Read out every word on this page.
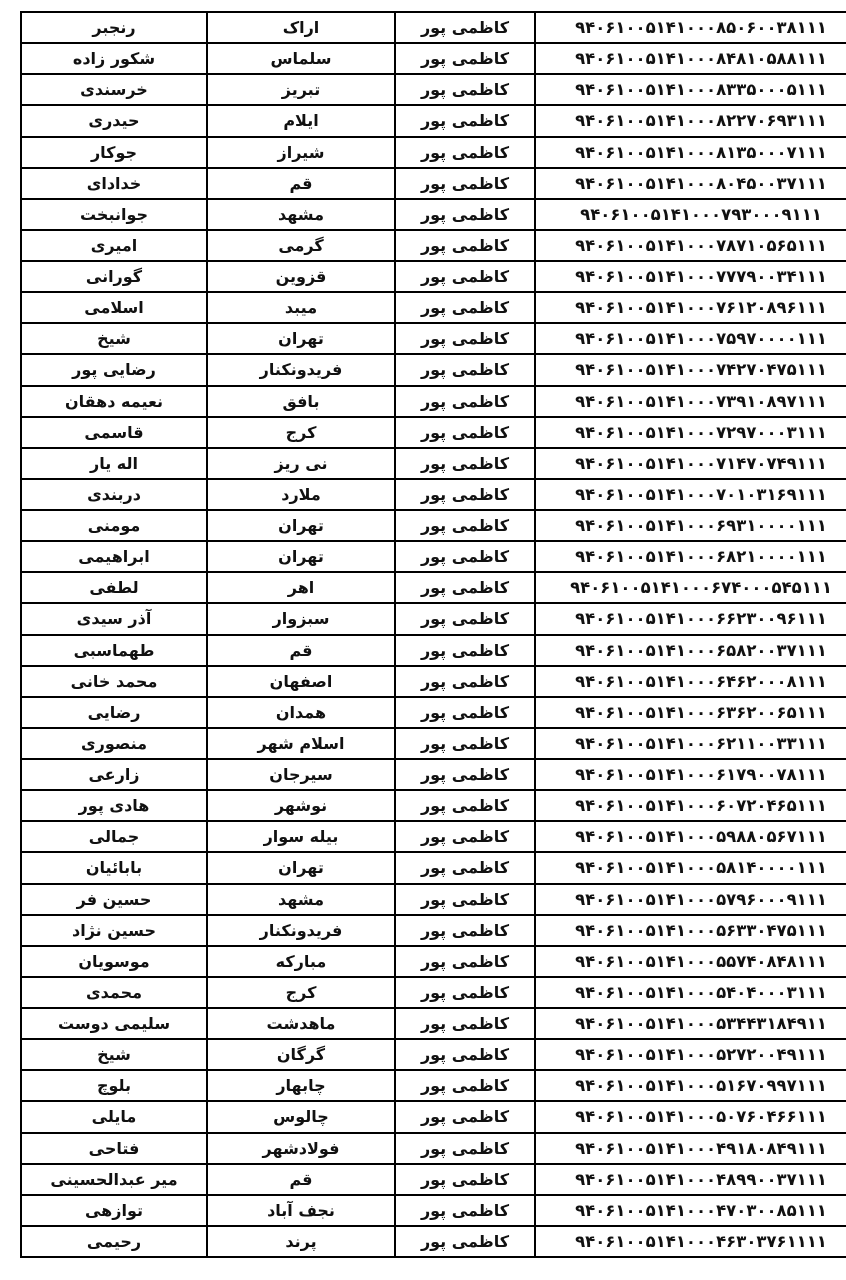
رنجبر	اراک	کاظمی پور	۹۴۰۶۱۰۰۵۱۴۱۰۰۰۸۵۰۶۰۰۳۸۱۱۱
شکور زاده	سلماس	کاظمی پور	۹۴۰۶۱۰۰۵۱۴۱۰۰۰۸۴۸۱۰۵۸۸۱۱۱
خرسندی	تبریز	کاظمی پور	۹۴۰۶۱۰۰۵۱۴۱۰۰۰۸۳۳۵۰۰۰۵۱۱۱
حیدری	ایلام	کاظمی پور	۹۴۰۶۱۰۰۵۱۴۱۰۰۰۸۲۲۷۰۶۹۳۱۱۱
جوکار	شیراز	کاظمی پور	۹۴۰۶۱۰۰۵۱۴۱۰۰۰۸۱۳۵۰۰۰۷۱۱۱
خدادای	قم	کاظمی پور	۹۴۰۶۱۰۰۵۱۴۱۰۰۰۸۰۴۵۰۰۳۷۱۱۱
جوانبخت	مشهد	کاظمی پور	۹۴۰۶۱۰۰۵۱۴۱۰۰۰۷۹۳۰۰۰۹۱۱۱
امیری	گرمی	کاظمی پور	۹۴۰۶۱۰۰۵۱۴۱۰۰۰۷۸۷۱۰۵۶۵۱۱۱
گورانی	قزوین	کاظمی پور	۹۴۰۶۱۰۰۵۱۴۱۰۰۰۷۷۷۹۰۰۳۴۱۱۱
اسلامی	میبد	کاظمی پور	۹۴۰۶۱۰۰۵۱۴۱۰۰۰۷۶۱۲۰۸۹۶۱۱۱
شیخ	تهران	کاظمی پور	۹۴۰۶۱۰۰۵۱۴۱۰۰۰۷۵۹۷۰۰۰۰۱۱۱
رضایی پور	فریدونکنار	کاظمی پور	۹۴۰۶۱۰۰۵۱۴۱۰۰۰۷۴۲۷۰۴۷۵۱۱۱
نعیمه دهقان	بافق	کاظمی پور	۹۴۰۶۱۰۰۵۱۴۱۰۰۰۷۳۹۱۰۸۹۷۱۱۱
قاسمی	کرج	کاظمی پور	۹۴۰۶۱۰۰۵۱۴۱۰۰۰۷۲۹۷۰۰۰۳۱۱۱
اله یار	نی ریز	کاظمی پور	۹۴۰۶۱۰۰۵۱۴۱۰۰۰۷۱۴۷۰۷۴۹۱۱۱
دربندی	ملارد	کاظمی پور	۹۴۰۶۱۰۰۵۱۴۱۰۰۰۷۰۱۰۳۱۶۹۱۱۱
مومنی	تهران	کاظمی پور	۹۴۰۶۱۰۰۵۱۴۱۰۰۰۶۹۳۱۰۰۰۰۱۱۱
ابراهیمی	تهران	کاظمی پور	۹۴۰۶۱۰۰۵۱۴۱۰۰۰۶۸۲۱۰۰۰۰۱۱۱
لطفی	اهر	کاظمی پور	۹۴۰۶۱۰۰۵۱۴۱۰۰۰۶۷۴۰۰۰۵۴۵۱۱۱
آذر سیدی	سبزوار	کاظمی پور	۹۴۰۶۱۰۰۵۱۴۱۰۰۰۶۶۲۳۰۰۹۶۱۱۱
طهماسبی	قم	کاظمی پور	۹۴۰۶۱۰۰۵۱۴۱۰۰۰۶۵۸۲۰۰۳۷۱۱۱
محمد خانی	اصفهان	کاظمی پور	۹۴۰۶۱۰۰۵۱۴۱۰۰۰۶۴۶۲۰۰۰۸۱۱۱
رضایی	همدان	کاظمی پور	۹۴۰۶۱۰۰۵۱۴۱۰۰۰۶۳۶۲۰۰۶۵۱۱۱
منصوری	اسلام شهر	کاظمی پور	۹۴۰۶۱۰۰۵۱۴۱۰۰۰۶۲۱۱۰۰۳۳۱۱۱
زارعی	سیرجان	کاظمی پور	۹۴۰۶۱۰۰۵۱۴۱۰۰۰۶۱۷۹۰۰۷۸۱۱۱
هادی پور	نوشهر	کاظمی پور	۹۴۰۶۱۰۰۵۱۴۱۰۰۰۶۰۷۲۰۴۶۵۱۱۱
جمالی	بیله سوار	کاظمی پور	۹۴۰۶۱۰۰۵۱۴۱۰۰۰۵۹۸۸۰۵۶۷۱۱۱
بابائیان	تهران	کاظمی پور	۹۴۰۶۱۰۰۵۱۴۱۰۰۰۵۸۱۴۰۰۰۰۱۱۱
حسین فر	مشهد	کاظمی پور	۹۴۰۶۱۰۰۵۱۴۱۰۰۰۵۷۹۶۰۰۰۹۱۱۱
حسین نژاد	فریدونکنار	کاظمی پور	۹۴۰۶۱۰۰۵۱۴۱۰۰۰۵۶۳۳۰۴۷۵۱۱۱
موسویان	مبارکه	کاظمی پور	۹۴۰۶۱۰۰۵۱۴۱۰۰۰۵۵۷۴۰۸۴۸۱۱۱
محمدی	کرج	کاظمی پور	۹۴۰۶۱۰۰۵۱۴۱۰۰۰۵۴۰۴۰۰۰۳۱۱۱
سلیمی دوست	ماهدشت	کاظمی پور	۹۴۰۶۱۰۰۵۱۴۱۰۰۰۵۳۴۴۳۱۸۴۹۱۱
شیخ	گرگان	کاظمی پور	۹۴۰۶۱۰۰۵۱۴۱۰۰۰۵۲۷۲۰۰۴۹۱۱۱
بلوچ	چابهار	کاظمی پور	۹۴۰۶۱۰۰۵۱۴۱۰۰۰۵۱۶۷۰۹۹۷۱۱۱
مایلی	چالوس	کاظمی پور	۹۴۰۶۱۰۰۵۱۴۱۰۰۰۵۰۷۶۰۴۶۶۱۱۱
فتاحی	فولادشهر	کاظمی پور	۹۴۰۶۱۰۰۵۱۴۱۰۰۰۴۹۱۸۰۸۴۹۱۱۱
میر عبدالحسینی	قم	کاظمی پور	۹۴۰۶۱۰۰۵۱۴۱۰۰۰۴۸۹۹۰۰۳۷۱۱۱
توازهی	نجف آباد	کاظمی پور	۹۴۰۶۱۰۰۵۱۴۱۰۰۰۴۷۰۳۰۰۸۵۱۱۱
رحیمی	پرند	کاظمی پور	۹۴۰۶۱۰۰۵۱۴۱۰۰۰۴۶۳۰۳۷۶۱۱۱۱
